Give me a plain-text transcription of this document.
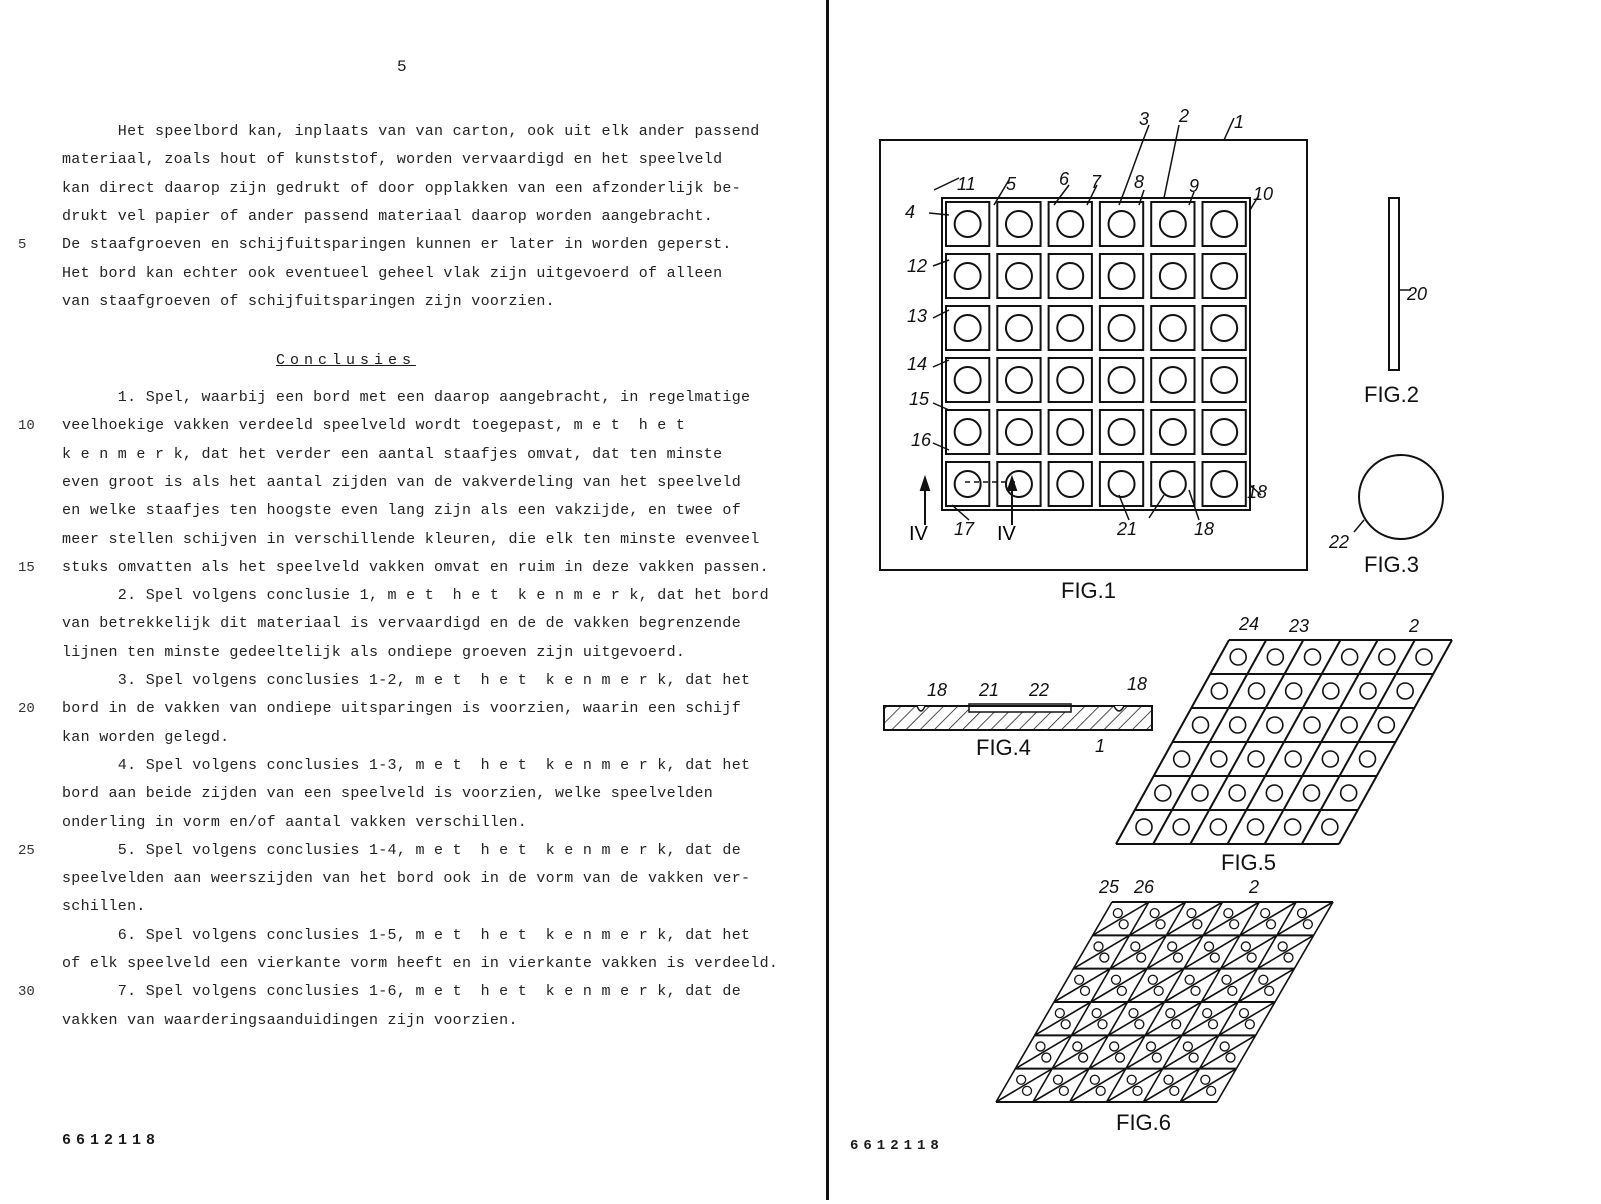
5
Het speelbord kan, inplaats van van carton, ook uit elk ander passend
materiaal, zoals hout of kunststof, worden vervaardigd en het speelveld
kan direct daarop zijn gedrukt of door opplakken van een afzonderlijk be-
drukt vel papier of ander passend materiaal daarop worden aangebracht.
De staafgroeven en schijfuitsparingen kunnen er later in worden geperst.
5
Het bord kan echter ook eventueel geheel vlak zijn uitgevoerd of alleen
van staafgroeven of schijfuitsparingen zijn voorzien.
1. Spel, waarbij een bord met een daarop aangebracht, in regelmatige
veelhoekige vakken verdeeld speelveld wordt toegepast, m e t  h e t
10
k e n m e r k, dat het verder een aantal staafjes omvat, dat ten minste
even groot is als het aantal zijden van de vakverdeling van het speelveld
en welke staafjes ten hoogste even lang zijn als een vakzijde, en twee of
meer stellen schijven in verschillende kleuren, die elk ten minste evenveel
stuks omvatten als het speelveld vakken omvat en ruim in deze vakken passen.
15
2. Spel volgens conclusie 1, m e t  h e t  k e n m e r k, dat het bord
van betrekkelijk dit materiaal is vervaardigd en de de vakken begrenzende
lijnen ten minste gedeeltelijk als ondiepe groeven zijn uitgevoerd.
3. Spel volgens conclusies 1-2, m e t  h e t  k e n m e r k, dat het
bord in de vakken van ondiepe uitsparingen is voorzien, waarin een schijf
20
kan worden gelegd.
4. Spel volgens conclusies 1-3, m e t  h e t  k e n m e r k, dat het
bord aan beide zijden van een speelveld is voorzien, welke speelvelden
onderling in vorm en/of aantal vakken verschillen.
5. Spel volgens conclusies 1-4, m e t  h e t  k e n m e r k, dat de
25
speelvelden aan weerszijden van het bord ook in de vorm van de vakken ver-
schillen.
6. Spel volgens conclusies 1-5, m e t  h e t  k e n m e r k, dat het
of elk speelveld een vierkante vorm heeft en in vierkante vakken is verdeeld.
7. Spel volgens conclusies 1-6, m e t  h e t  k e n m e r k, dat de
30
vakken van waarderingsaanduidingen zijn voorzien.
Conclusies
6612118
1
2
3
4
5 6 7 8 9	10
11
12
13
14
15
16
17
18
18
21
IV	IV
FIG.1
20
FIG.2
22
FIG.3
18 21 22	18
1
FIG.4
24 23	2
FIG.5
25 26	2
FIG.6
6612118
